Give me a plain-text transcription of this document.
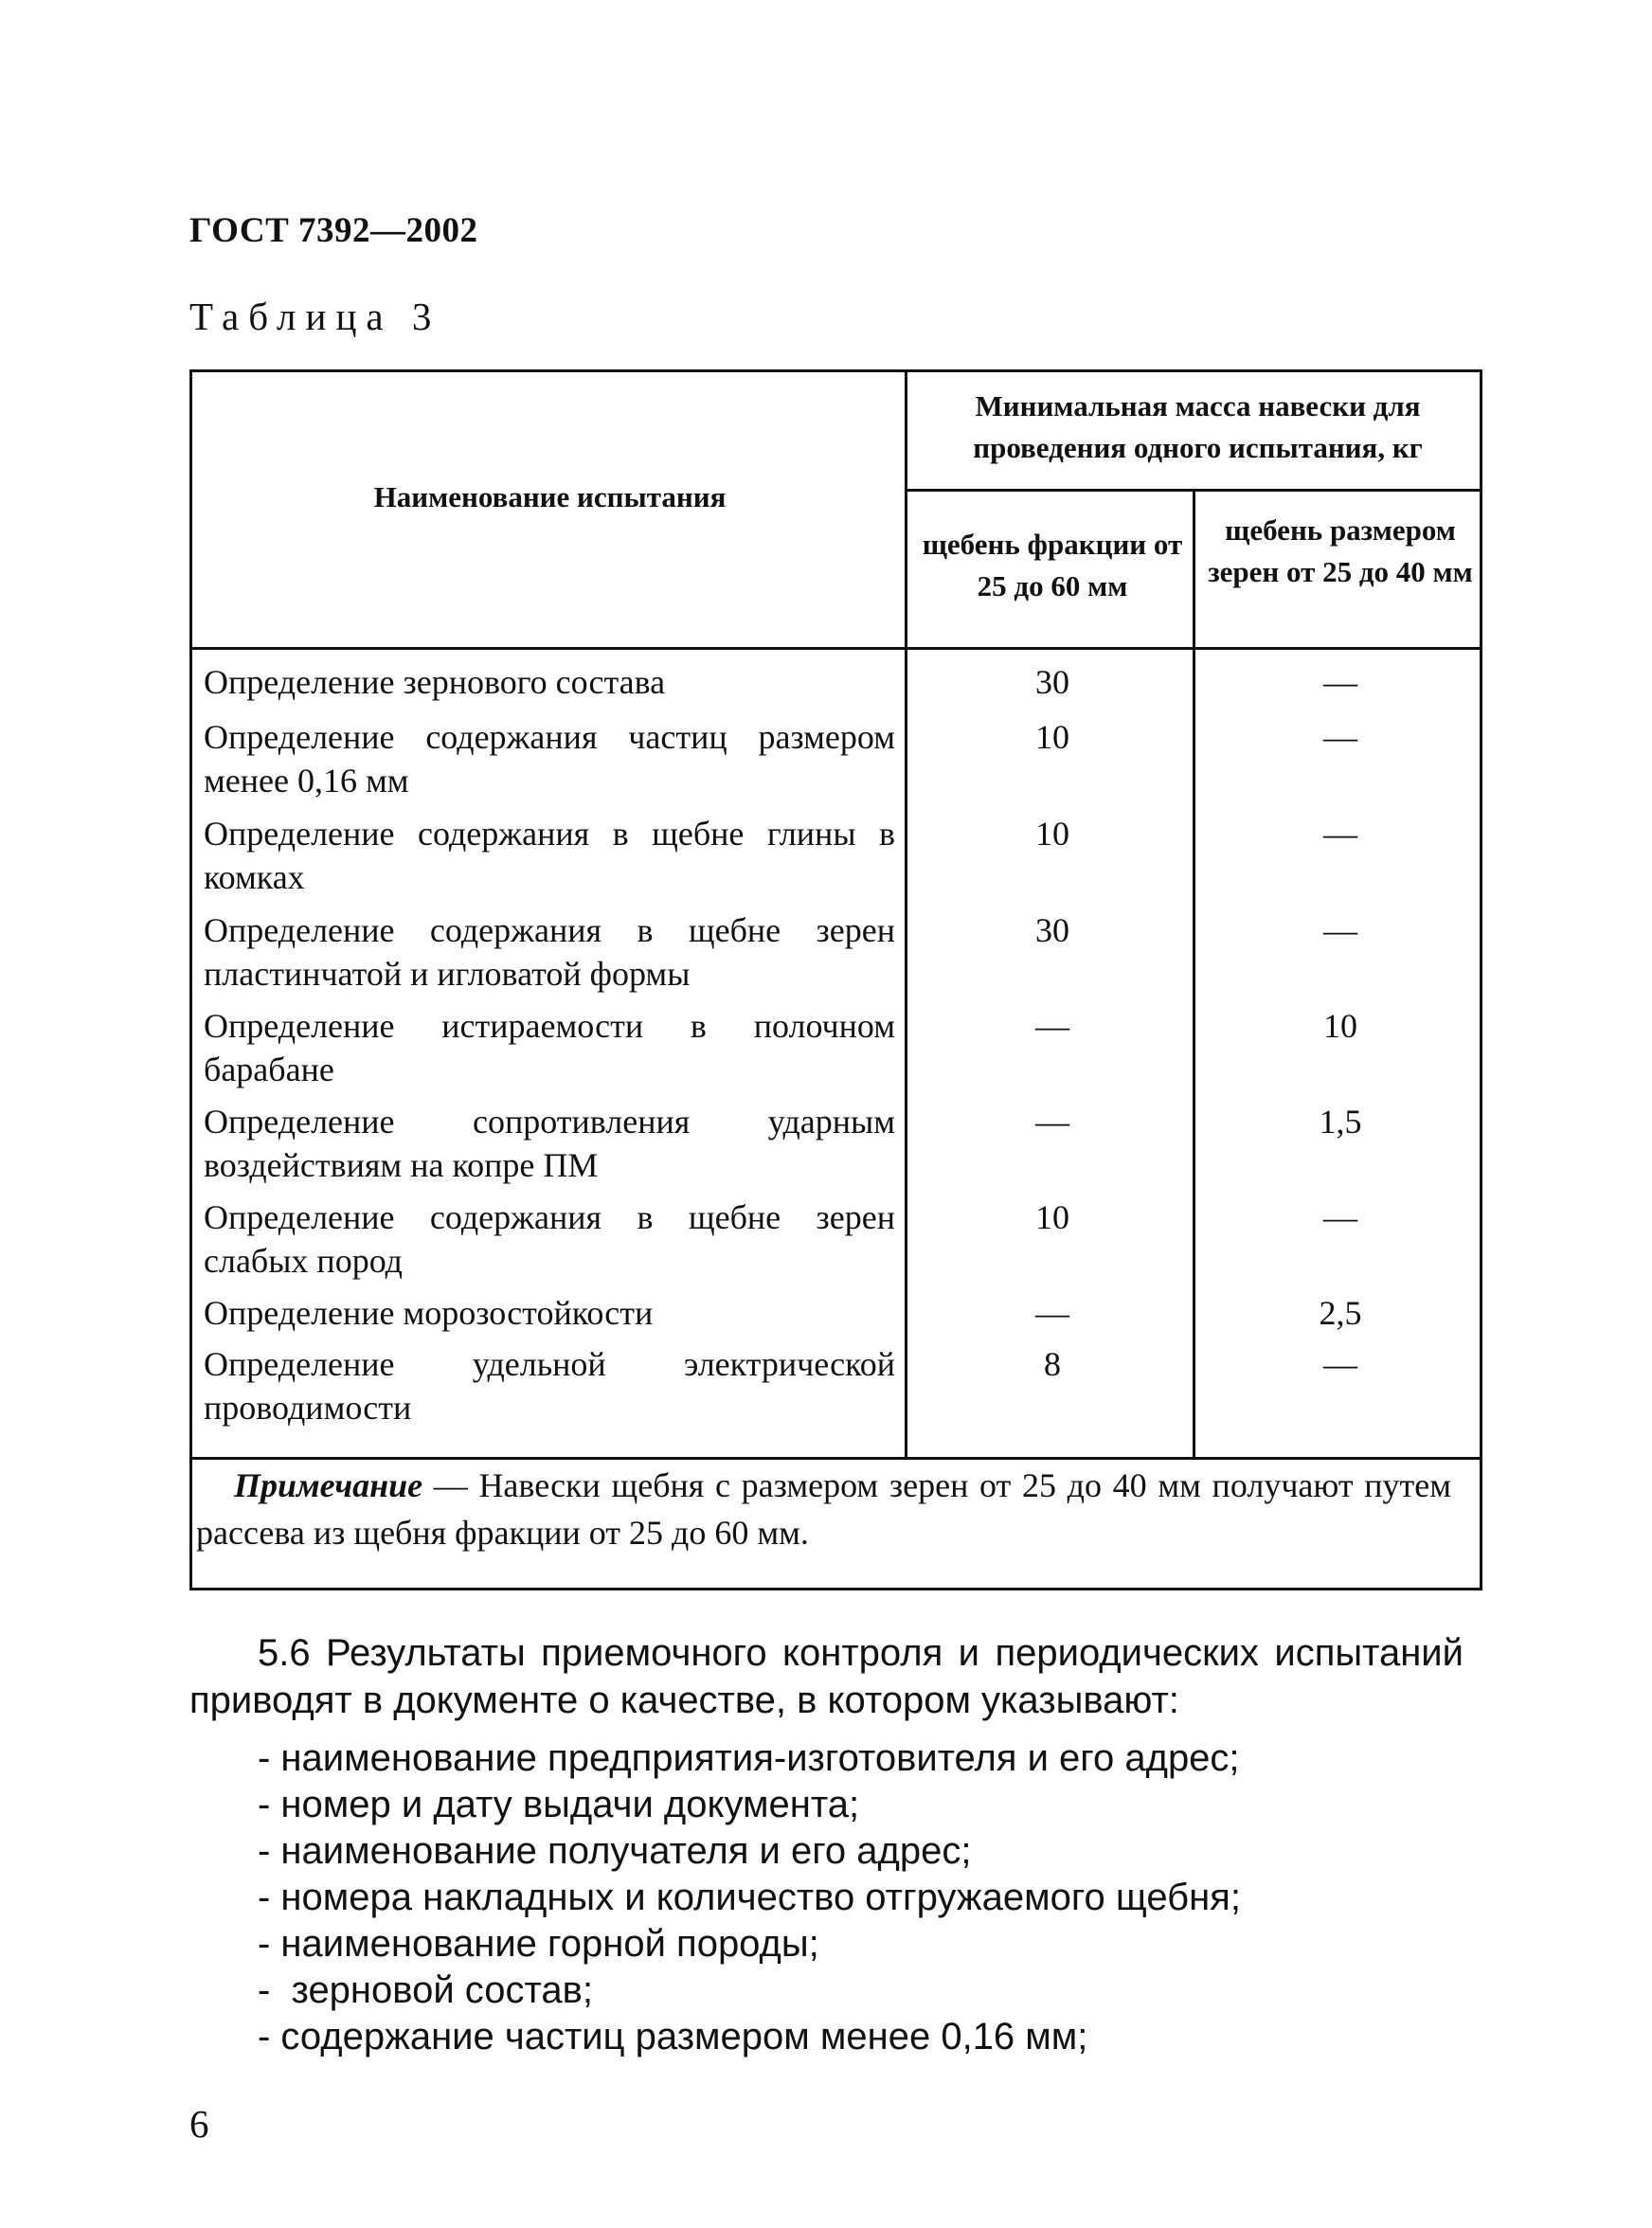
ГОСТ 7392—2002
Таблица 3
Наименование испытания
Минимальная масса навески для проведения одного испытания, кг
щебень фракции от 25 до 60 мм
щебень размером зерен от 25 до 40 мм
Определение зернового состава	30	—
Определение содержания частиц размером менее 0,16 мм
10	—
Определение содержания в щебне глины в комках
10	—
Определение содержания в щебне зерен пластинчатой и игловатой формы
30	—
Определение истираемости в полочном барабане
—	10
Определение сопротивления ударным воздействиям на копре ПМ
—	1,5
Определение содержания в щебне зерен слабых пород
10	—
Определение морозостойкости	—	2,5
Определение удельной электрической проводимости
8	—
Примечание — Навески щебня с размером зерен от 25 до 40 мм получают путем рассева из щебня фракции от 25 до 60 мм.
5.6 Результаты приемочного контроля и периодических испытаний приводят в документе о качестве, в котором указывают:
- наименование предприятия-изготовителя и его адрес;
- номер и дату выдачи документа;
- наименование получателя и его адрес;
- номера накладных и количество отгружаемого щебня;
- наименование горной породы;
-  зерновой состав;
- содержание частиц размером менее 0,16 мм;
6
